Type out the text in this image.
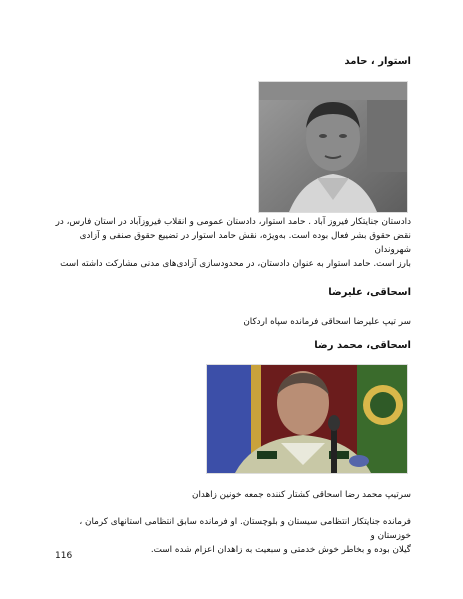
استوار ، حامد
دادستان جنایتکار فیروز آباد . حامد استوار، دادستان عمومی و انقلاب فیروزآباد در استان فارس، در
نقض حقوق بشر فعال بوده است. به‌ویژه، نقش حامد استوار در تضییع حقوق صنفی و آزادی شهروندان
بارز است. حامد استوار به عنوان دادستان، در محدودسازی آزادی‌های مدنی مشارکت داشته است
اسحاقی، علیرضا
سر تیپ علیرضا اسحاقی فرمانده سپاه اردکان
اسحاقی، محمد رضا
سرتیپ محمد رضا اسحاقی کشتار کننده جمعه خونین زاهدان
فرمانده جنایتکار انتظامی سیستان و بلوچستان. او فرمانده سابق انتظامی استانهای کرمان ، خوزستان و
گیلان بوده و بخاطر خوش خدمتی و سبعیت به زاهدان اعزام شده است.
116
